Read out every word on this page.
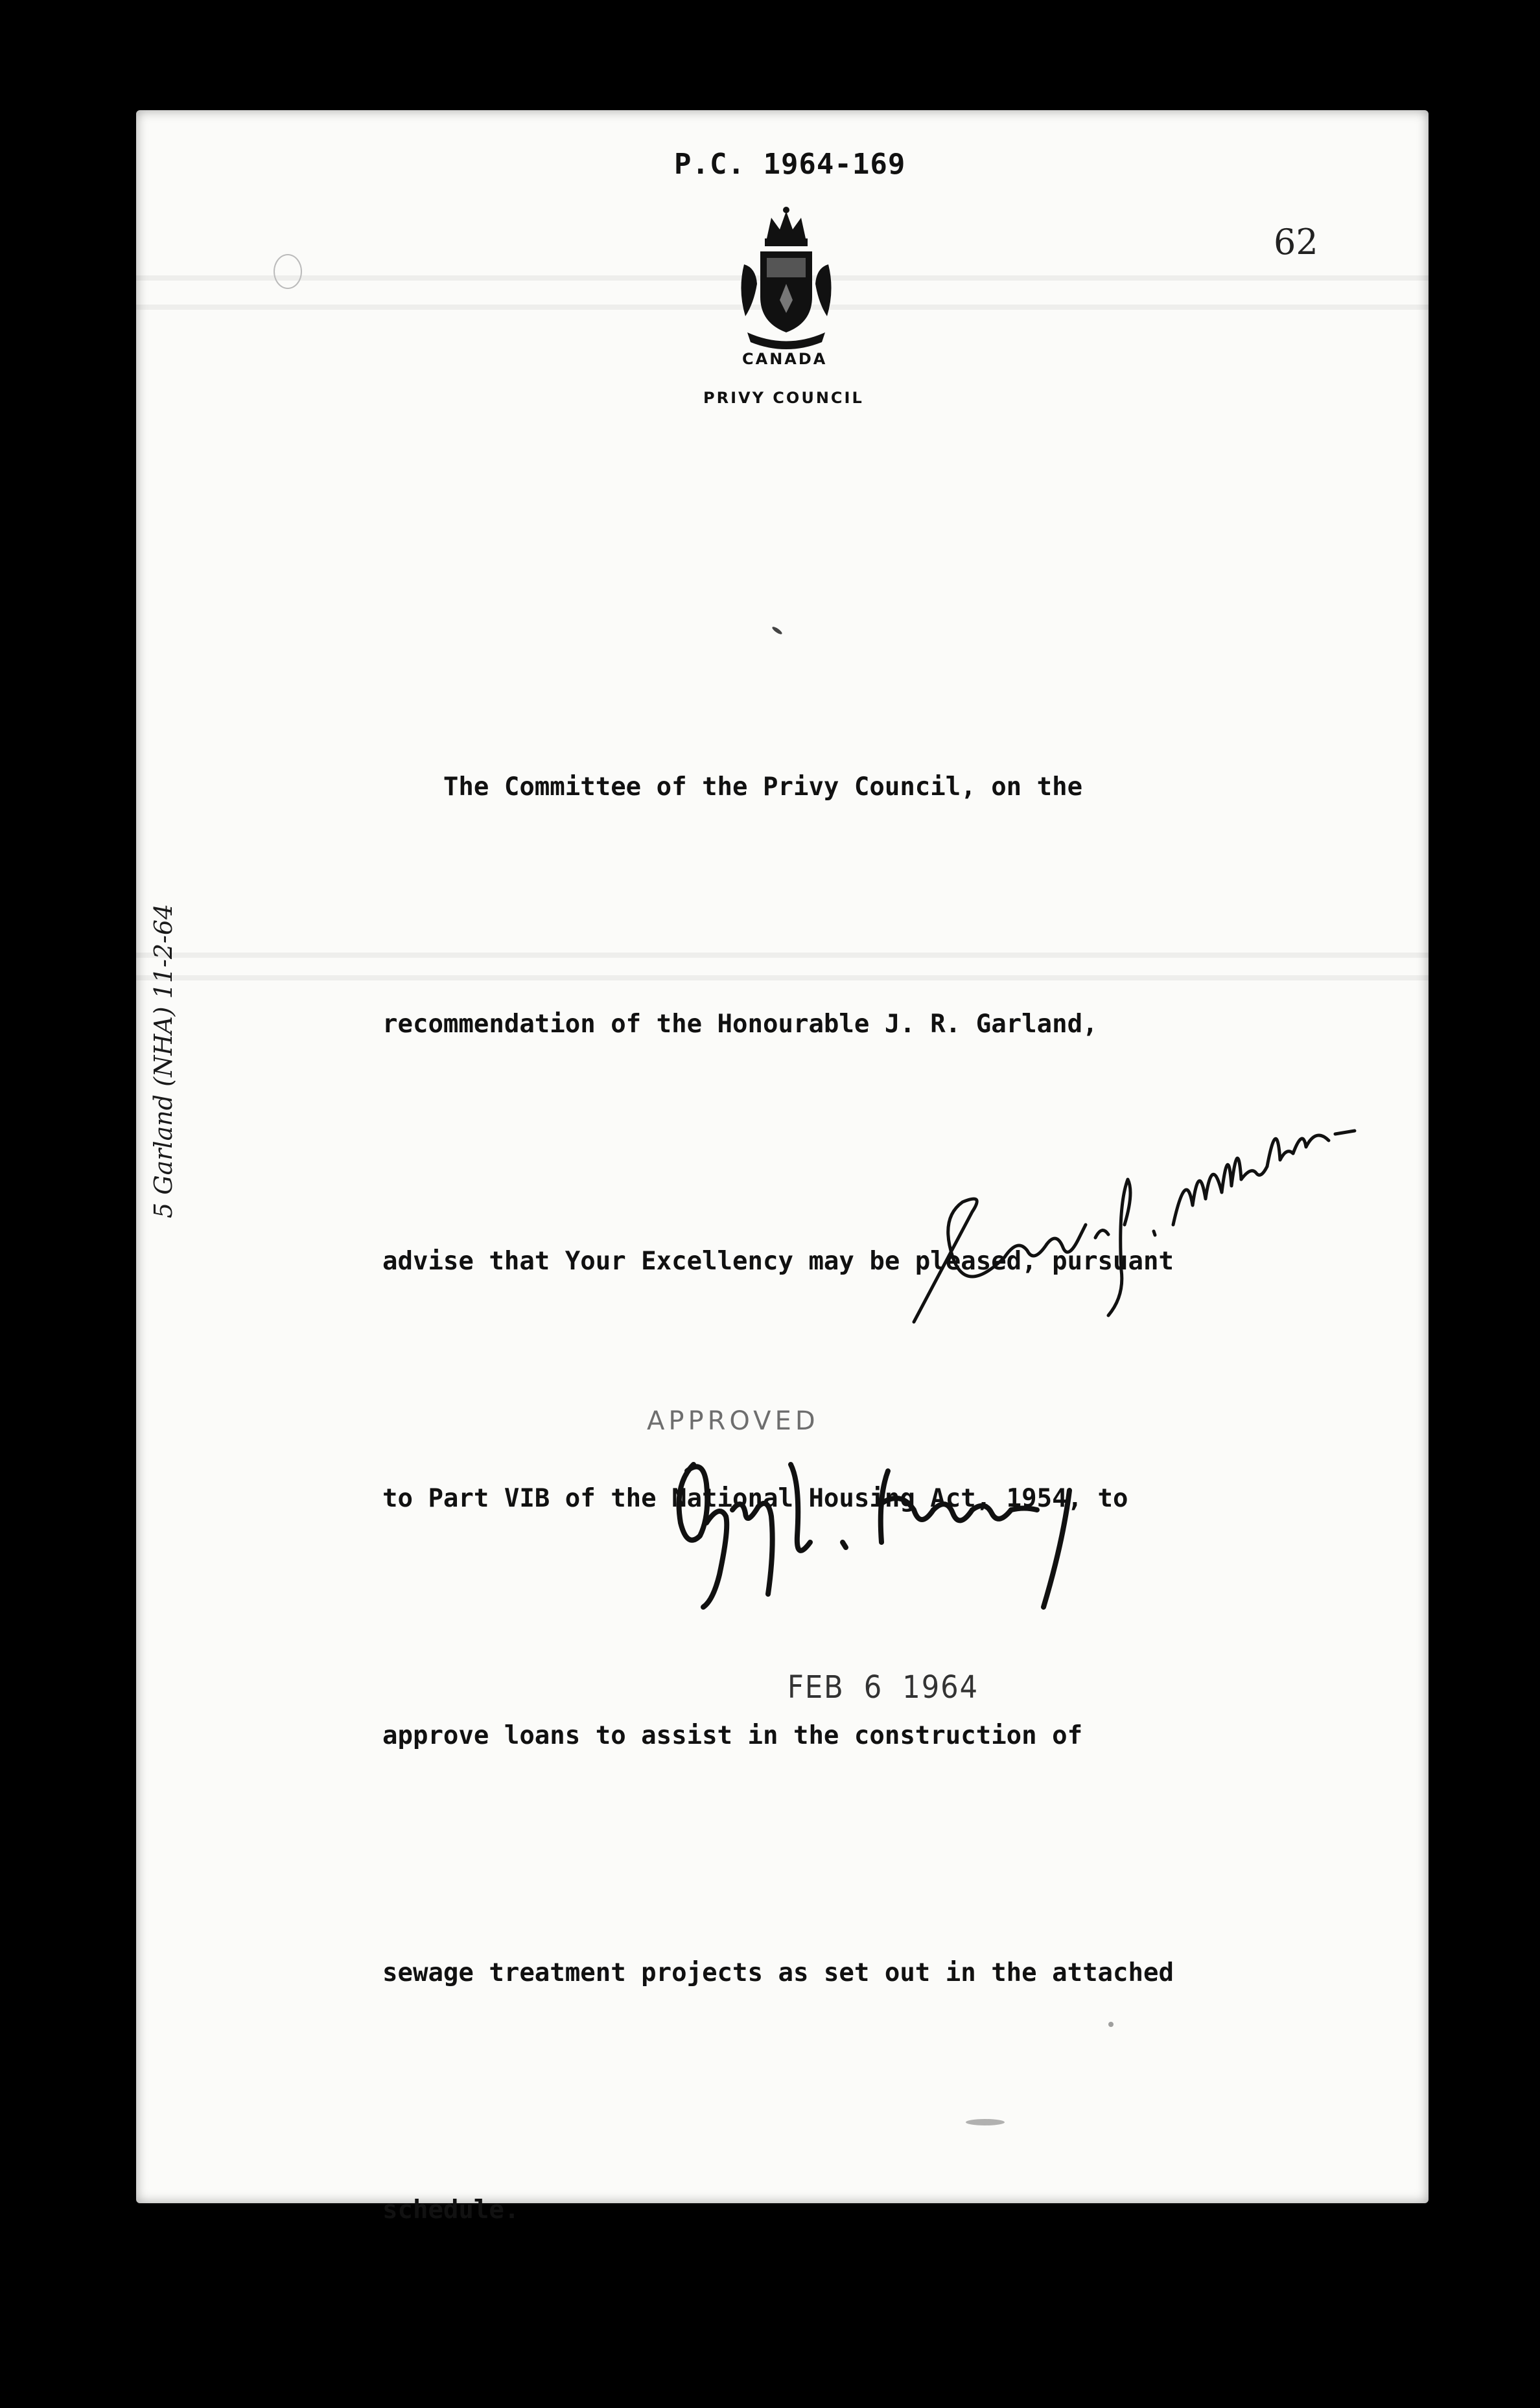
P.C. 1964-169

62

CANADA

PRIVY COUNCIL

The Committee of the Privy Council, on the

recommendation of the Honourable J. R. Garland,

advise that Your Excellency may be pleased, pursuant

to Part VIB of the National Housing Act, 1954, to

approve loans to assist in the construction of

sewage treatment projects as set out in the attached

schedule.

APPROVED

FEB 6 1964

5 Garland (NHA) 11-2-64
